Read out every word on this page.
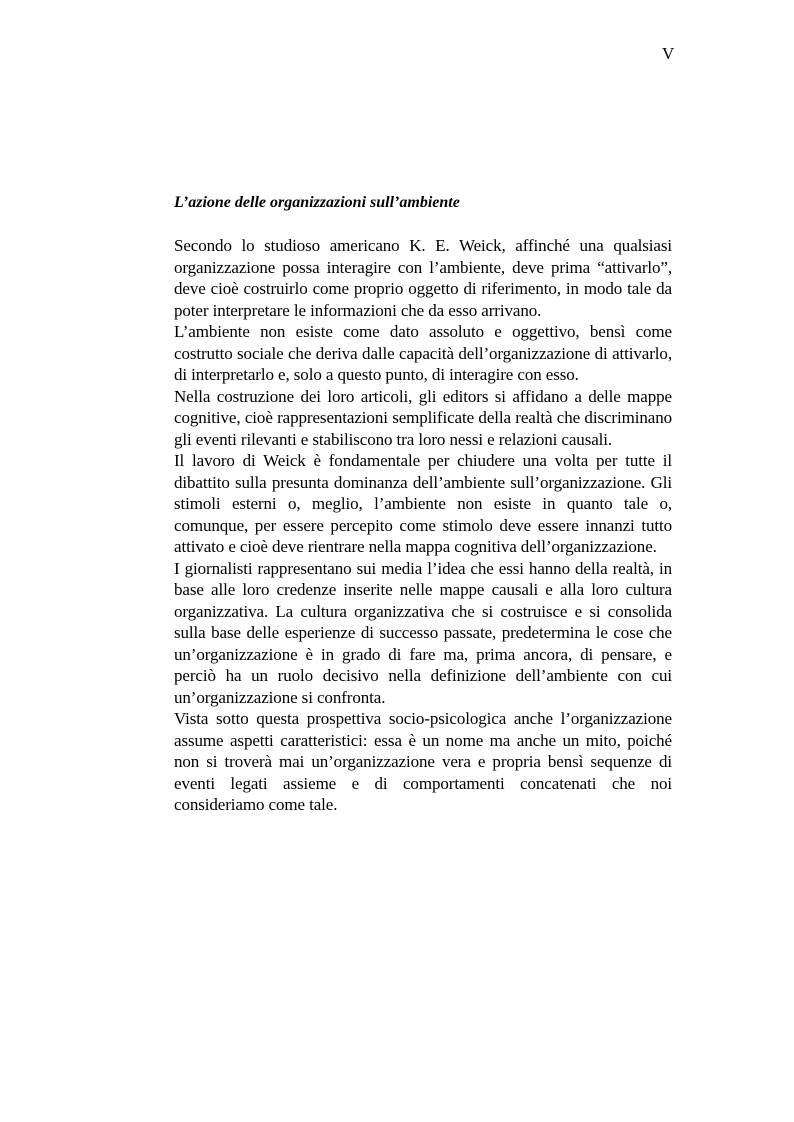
V
L’azione delle organizzazioni sull’ambiente

Secondo lo studioso americano K. E. Weick, affinché una qualsiasi organizzazione possa interagire con l’ambiente, deve prima “attivarlo”, deve cioè costruirlo come proprio oggetto di riferimento, in modo tale da poter interpretare le informazioni che da esso arrivano.

L’ambiente non esiste come dato assoluto e oggettivo, bensì come costrutto sociale che deriva dalle capacità dell’organizzazione di attivarlo, di interpretarlo e, solo a questo punto, di interagire con esso.

Nella costruzione dei loro articoli, gli editors si affidano a delle mappe cognitive, cioè rappresentazioni semplificate della realtà che discriminano gli eventi rilevanti e stabiliscono tra loro nessi e relazioni causali.

Il lavoro di Weick è fondamentale per chiudere una volta per tutte il dibattito sulla presunta dominanza dell’ambiente sull’organizzazione. Gli stimoli esterni o, meglio, l’ambiente non esiste in quanto tale o, comunque, per essere percepito come stimolo deve essere innanzi tutto attivato e cioè deve rientrare nella mappa cognitiva dell’organizzazione.

I giornalisti rappresentano sui media l’idea che essi hanno della realtà, in base alle loro credenze inserite nelle mappe causali e alla loro cultura organizzativa. La cultura organizzativa che si costruisce e si consolida sulla base delle esperienze di successo passate, predetermina le cose che un’organizzazione è in grado di fare ma, prima ancora, di pensare, e perciò ha un ruolo decisivo nella definizione dell’ambiente con cui un’organizzazione si confronta.

Vista sotto questa prospettiva socio-psicologica anche l’organizzazione assume aspetti caratteristici: essa è un nome ma anche un mito, poiché non si troverà mai un’organizzazione vera e propria bensì sequenze di eventi legati assieme e di comportamenti concatenati che noi consideriamo come tale.
